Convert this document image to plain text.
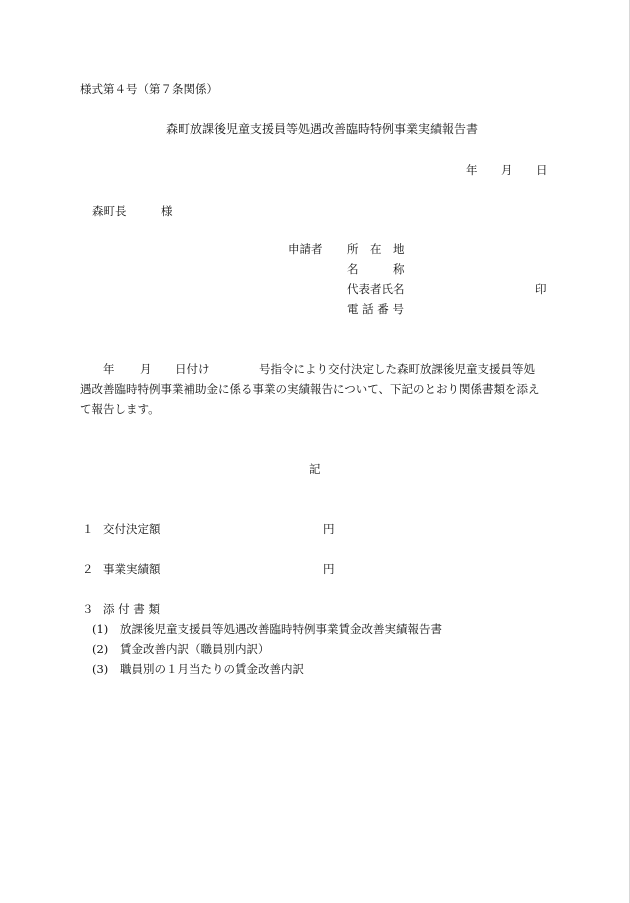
様式第４号（第７条関係）
森町放課後児童支援員等処遇改善臨時特例事業実績報告書
年 月 日
森町長	様
申請者 所　在　地
名　　　称
代表者氏名	印
電 話 番 号
年 月 日付け	号指令により交付決定した森町放課後児童支援員等処
遇改善臨時特例事業補助金に係る事業の実績報告について、下記のとおり関係書類を添え
て報告します。
記
１ 交付決定額	円
２ 事業実績額	円
３ 添 付 書 類
(1) 放課後児童支援員等処遇改善臨時特例事業賃金改善実績報告書
(2) 賃金改善内訳（職員別内訳）
(3) 職員別の１月当たりの賃金改善内訳
